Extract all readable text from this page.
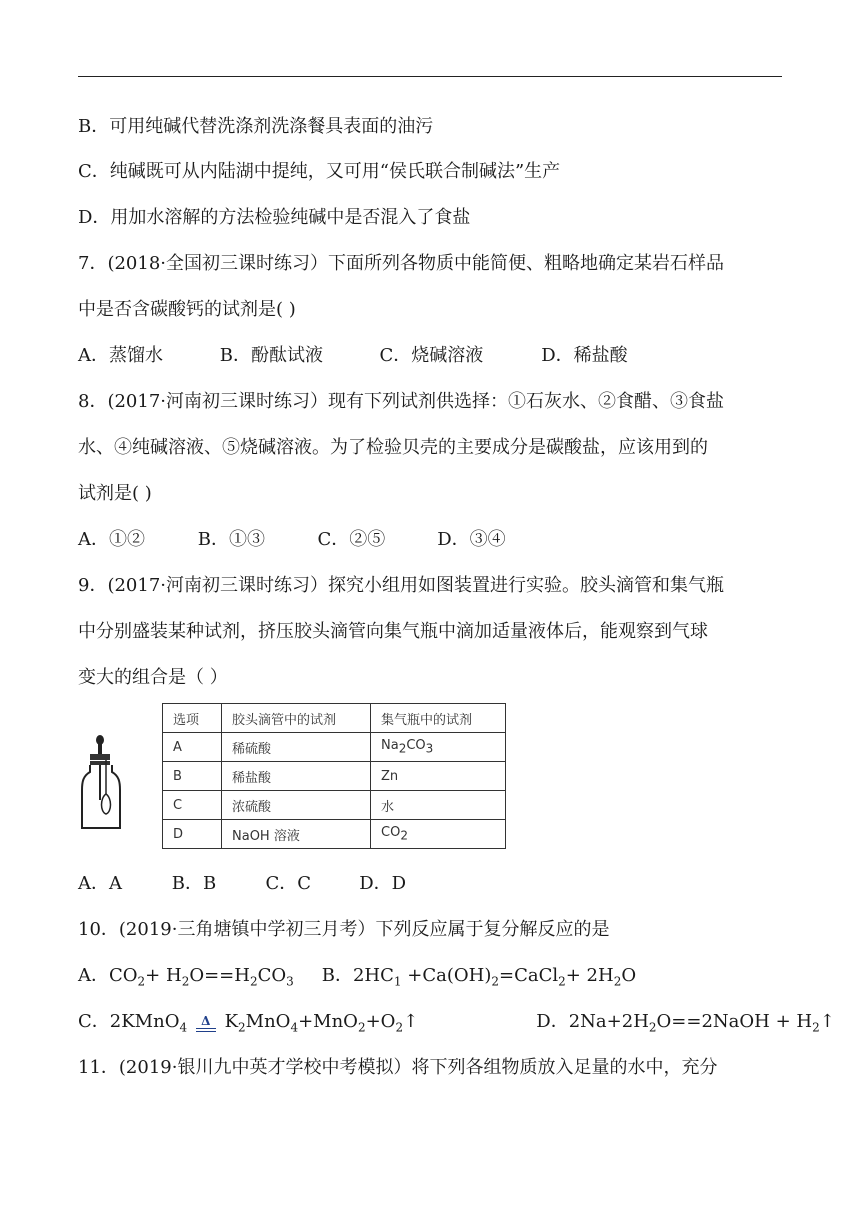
B．可用纯碱代替洗涤剂洗涤餐具表面的油污
C．纯碱既可从内陆湖中提纯，又可用“侯氏联合制碱法”生产
D．用加水溶解的方法检验纯碱中是否混入了食盐
7．(2018·全国初三课时练习）下面所列各物质中能简便、粗略地确定某岩石样品
中是否含碳酸钙的试剂是( )
A．蒸馏水	B．酚酞试液	C．烧碱溶液	D．稀盐酸
8．(2017·河南初三课时练习）现有下列试剂供选择：①石灰水、②食醋、③食盐
水、④纯碱溶液、⑤烧碱溶液。为了检验贝壳的主要成分是碳酸盐，应该用到的
试剂是( )
A．①②	B．①③	C．②⑤	D．③④
9．(2017·河南初三课时练习）探究小组用如图装置进行实验。胶头滴管和集气瓶
中分别盛装某种试剂，挤压胶头滴管向集气瓶中滴加适量液体后，能观察到气球
变大的组合是（ ）
选项	胶头滴管中的试剂	集气瓶中的试剂
A	稀硫酸	$Na_2CO_3$
B	稀盐酸	Zn
C	浓硫酸	水
D	NaOH 溶液	$CO_2$
A．A	B．B	C．C	D．D
10．(2019·三角塘镇中学初三月考）下列反应属于复分解反应的是
A．$CO_2+ H_2O==H_2CO_3$ B．$2HC_1$ $+Ca(OH)_2=CaCl_2+ 2H_2O$
C．2KMnO$_4$	Δ $K_2MnO_4+MnO_2+O_2↑$	D．$2Na+2H_2O==2NaOH$ + $H_2↑$
11．(2019·银川九中英才学校中考模拟）将下列各组物质放入足量的水中，充分
